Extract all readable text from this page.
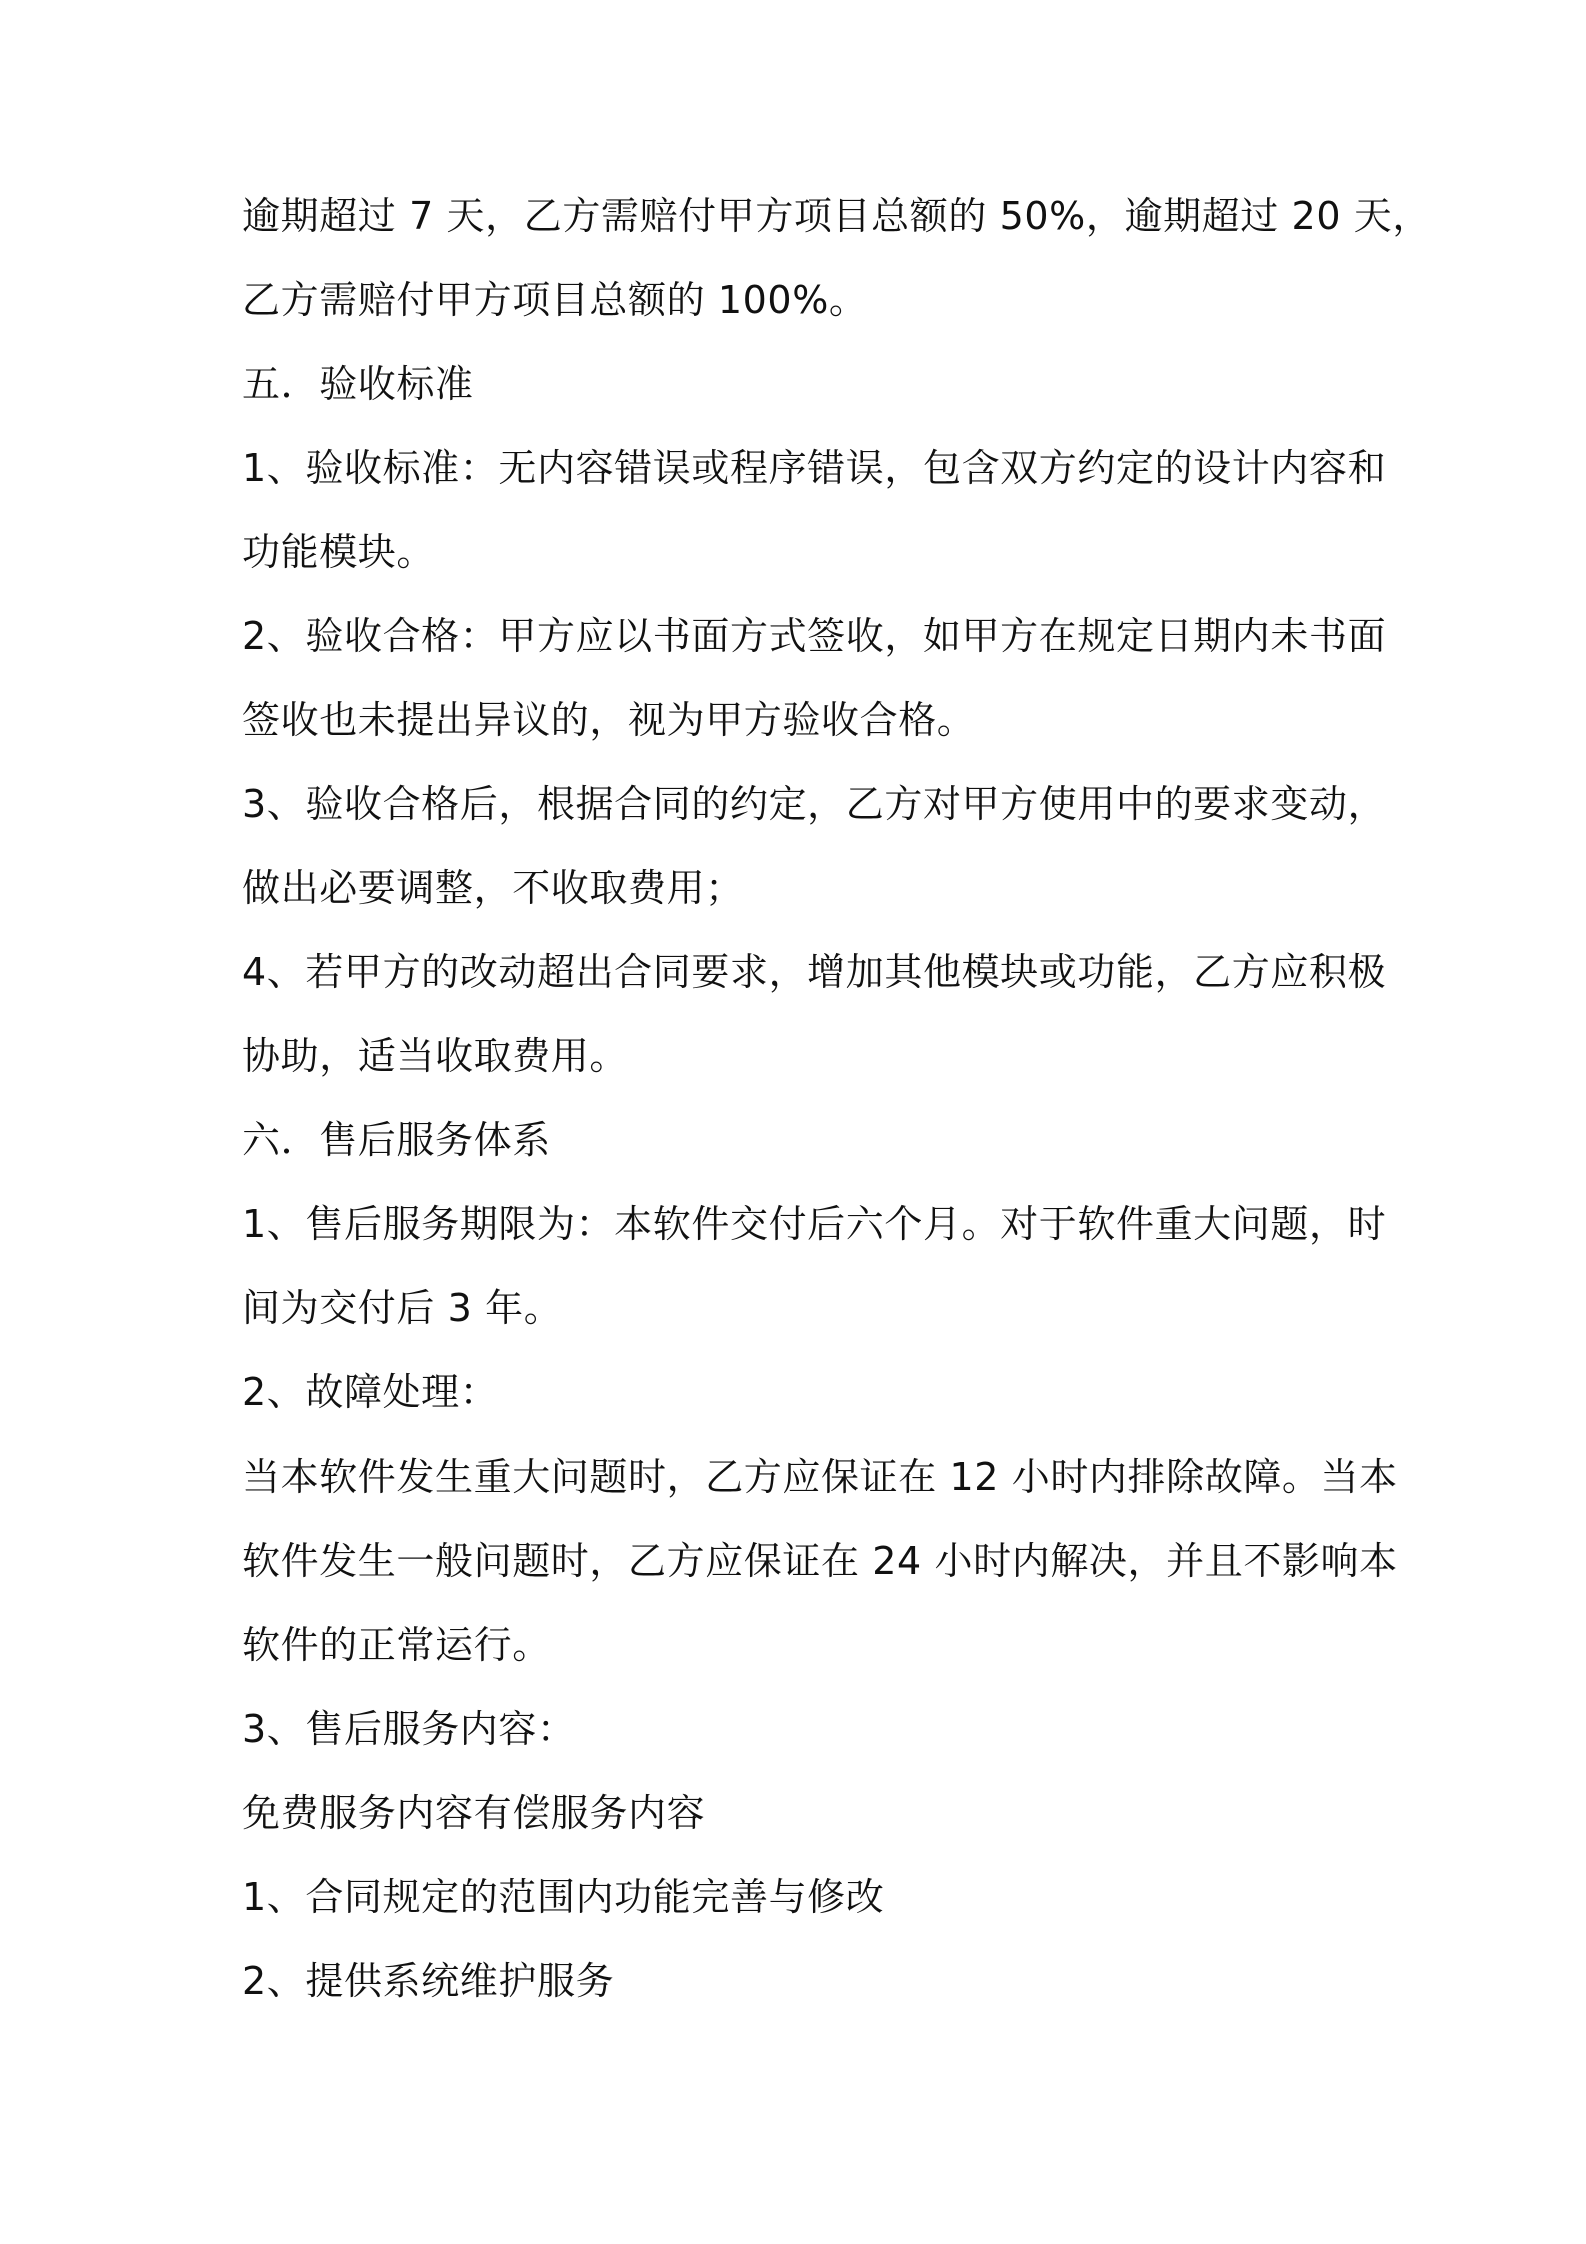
逾期超过 7 天，乙方需赔付甲方项目总额的 50%，逾期超过 20 天，

乙方需赔付甲方项目总额的 100%。

五．验收标准

1、验收标准：无内容错误或程序错误，包含双方约定的设计内容和

功能模块。

2、验收合格：甲方应以书面方式签收，如甲方在规定日期内未书面

签收也未提出异议的，视为甲方验收合格。

3、验收合格后，根据合同的约定，乙方对甲方使用中的要求变动，

做出必要调整，不收取费用；

4、若甲方的改动超出合同要求，增加其他模块或功能，乙方应积极

协助，适当收取费用。

六．售后服务体系

1、售后服务期限为：本软件交付后六个月。对于软件重大问题，时

间为交付后 3 年。

2、故障处理：

当本软件发生重大问题时，乙方应保证在 12 小时内排除故障。当本

软件发生一般问题时，乙方应保证在 24 小时内解决，并且不影响本

软件的正常运行。

3、售后服务内容：

免费服务内容有偿服务内容

1、合同规定的范围内功能完善与修改

2、提供系统维护服务
